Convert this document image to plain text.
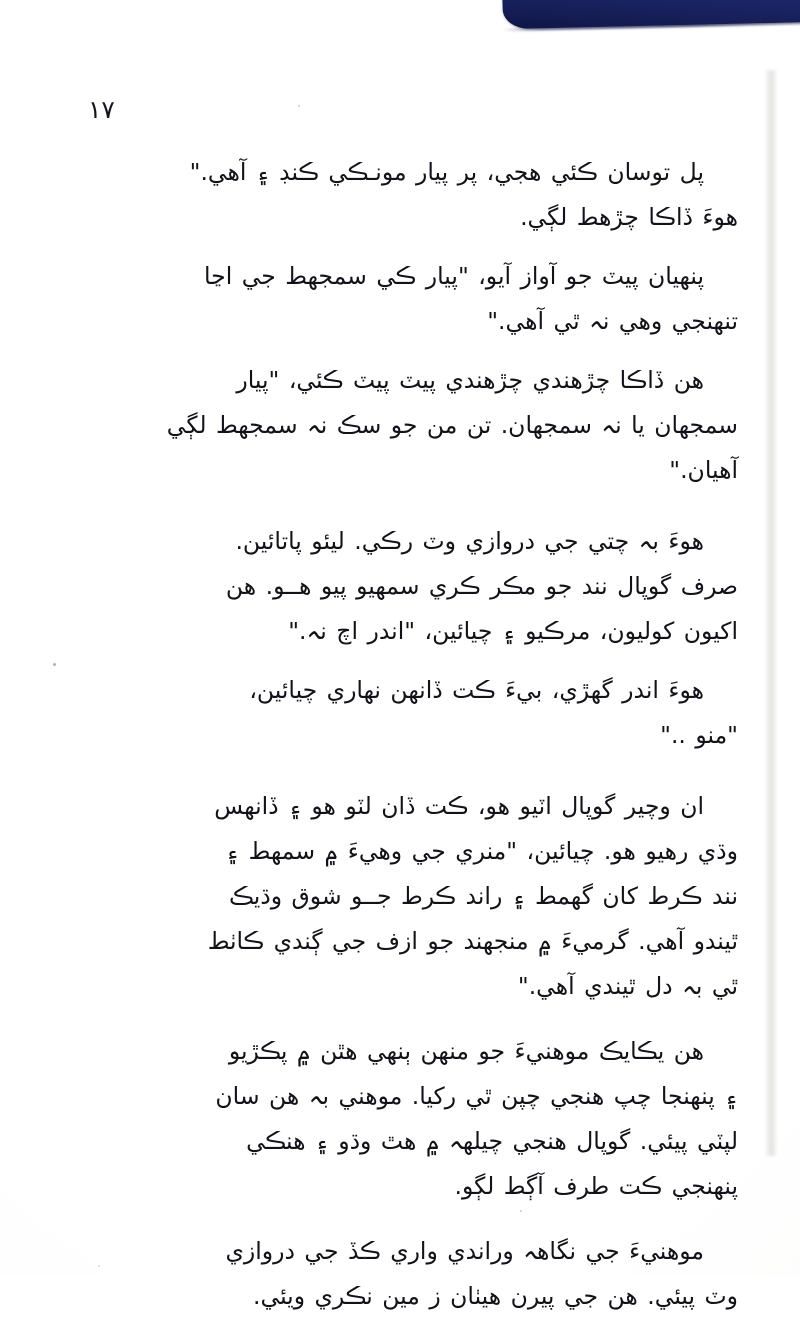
١٧

پل توسان ڪئي هجي، پر پيار مونـڪي ڪنڊ ۽ آهي."
هوءَ ڏاڪا چڙهط لڳي.

پنهيان پيٽ جو آواز آيو، "پيار ڪي سمجھط جي اڃا
تنهنجي وهي نہ ٿي آهي."

هن ڏاڪا چڙهندي چڙهندي پيٽ پيٽ ڪئي، "پيار
سمجھان يا نہ سمجھان. تن من جو سڪ نہ سمجھط لڳي
آهيان."

هوءَ بہ چتي جي دروازي وٽ رڪي. ليئو پاتائين.
صرف گوپال نند جو مڪر ڪري سمهيو پيو هــو. هن
اکيون کوليون، مرڪيو ۽ چيائين، "اندر اچ نہ."

هوءَ اندر گهڙي، بيءَ ڪت ڏانهن نهاري چيائين،
"منو .."

ان وچير گوپال اٽيو هو، ڪت ڏان لٽو هو ۽ ڏانهس
وڌي رهيو هو. چيائين، "منري جي وهيءَ ۾ سمهط ۽
نند ڪرط کان گهمط ۽ راند ڪرط جــو شوق وڌيڪ
ٿيندو آهي. گرميءَ ۾ منجھند جو ازف جي ڳندي ڪاٺط
ٿي بہ دل ٿيندي آهي."

هن يڪايڪ موهنيءَ جو منهن ٻنهي هٿن ۾ پڪڙيو
۽ پنهنجا چپ هنجي چپن ٿي رکيا. موهني بہ هن سان
لپٽي پيئي. گوپال هنجي چيلهہ ۾ هٿ وڌو ۽ هنڪي
پنهنجي ڪت طرف آڳط لڳو.

موهنيءَ جي نگاهہ وراندي واري ڪڏ جي دروازي
وٽ پيئي. هن جي پيرن هيٺان ز مين نڪري ويئي.
